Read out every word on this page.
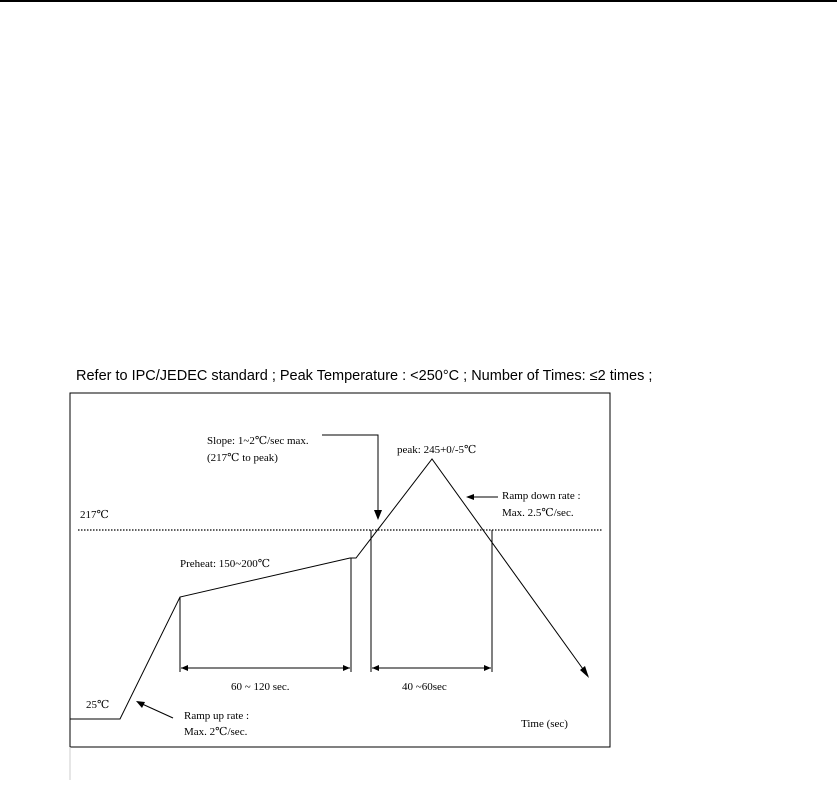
Refer to IPC/JEDEC standard ; Peak Temperature : <250°C ; Number of Times: ≤2 times ;
Slope: 1~2℃/sec max.
(217℃ to peak)
peak: 245+0/-5℃
Ramp down rate :
Max. 2.5℃/sec.
217℃
Preheat: 150~200℃
25℃
60 ~ 120 sec.	40 ~60sec
Ramp up rate :
Max. 2℃/sec.
Time (sec)
